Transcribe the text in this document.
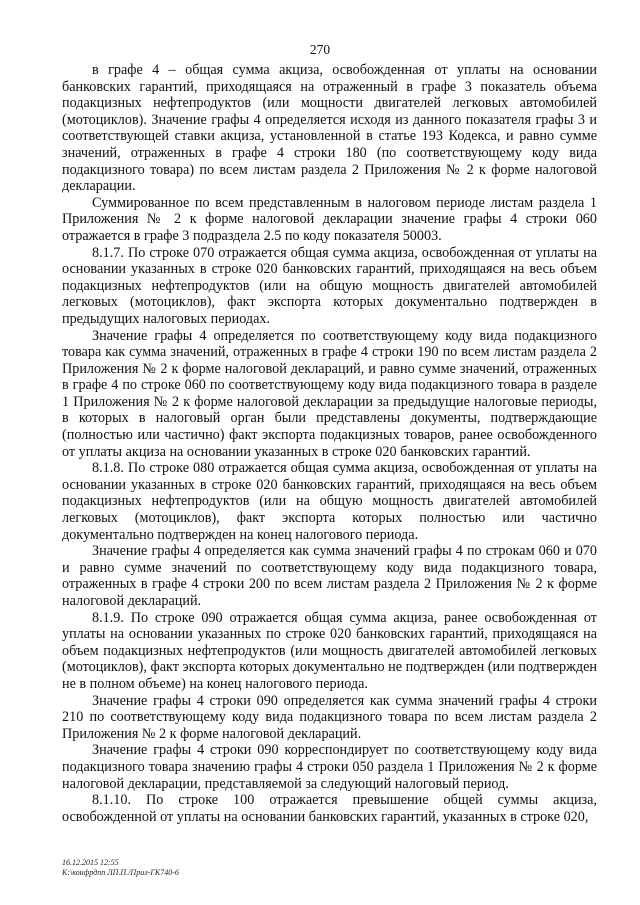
270

в графе 4 – общая сумма акциза, освобожденная от уплаты на основании банковских гарантий, приходящаяся на отраженный в графе 3 показатель объема подакцизных нефтепродуктов (или мощности двигателей легковых автомобилей (мотоциклов). Значение графы 4 определяется исходя из данного показателя графы 3 и соответствующей ставки акциза, установленной в статье 193 Кодекса, и равно сумме значений, отраженных в графе 4 строки 180 (по соответствующему коду вида подакцизного товара) по всем листам раздела 2 Приложения № 2 к форме налоговой декларации.

Суммированное по всем представленным в налоговом периоде листам раздела 1 Приложения № 2 к форме налоговой декларации значение графы 4 строки 060 отражается в графе 3 подраздела 2.5 по коду показателя 50003.

8.1.7. По строке 070 отражается общая сумма акциза, освобожденная от уплаты на основании указанных в строке 020 банковских гарантий, приходящаяся на весь объем подакцизных нефтепродуктов (или на общую мощность двигателей автомобилей легковых (мотоциклов), факт экспорта которых документально подтвержден в предыдущих налоговых периодах.

Значение графы 4 определяется по соответствующему коду вида подакцизного товара как сумма значений, отраженных в графе 4 строки 190 по всем листам раздела 2 Приложения № 2 к форме налоговой деклараций, и равно сумме значений, отраженных в графе 4 по строке 060 по соответствующему коду вида подакцизного товара в разделе 1 Приложения № 2 к форме налоговой декларации за предыдущие налоговые периоды, в которых в налоговый орган были представлены документы, подтверждающие (полностью или частично) факт экспорта подакцизных товаров, ранее освобожденного от уплаты акциза на основании указанных в строке 020 банковских гарантий.

8.1.8. По строке 080 отражается общая сумма акциза, освобожденная от уплаты на основании указанных в строке 020 банковских гарантий, приходящаяся на весь объем подакцизных нефтепродуктов (или на общую мощность двигателей автомобилей легковых (мотоциклов), факт экспорта которых полностью или частично документально подтвержден на конец налогового периода.

Значение графы 4 определяется как сумма значений графы 4 по строкам 060 и 070 и равно сумме значений по соответствующему коду вида подакцизного товара, отраженных в графе 4 строки 200 по всем листам раздела 2 Приложения № 2 к форме налоговой деклараций.

8.1.9. По строке 090 отражается общая сумма акциза, ранее освобожденная от уплаты на основании указанных по строке 020 банковских гарантий, приходящаяся на объем подакцизных нефтепродуктов (или мощность двигателей автомобилей легковых (мотоциклов), факт экспорта которых документально не подтвержден (или подтвержден не в полном объеме) на конец налогового периода.

Значение графы 4 строки 090 определяется как сумма значений графы 4 строки 210 по соответствующему коду вида подакцизного товара по всем листам раздела 2 Приложения № 2 к форме налоговой деклараций.

Значение графы 4 строки 090 корреспондирует по соответствующему коду вида подакцизного товара значению графы 4 строки 050 раздела 1 Приложения № 2 к форме налоговой декларации, представляемой за следующий налоговый период.

8.1.10. По строке 100 отражается превышение общей суммы акциза, освобожденной от уплаты на основании банковских гарантий, указанных в строке 020,

16.12.2015 12:55
К:\конфрдпп ЛП.П./Прил-ГК740-6
